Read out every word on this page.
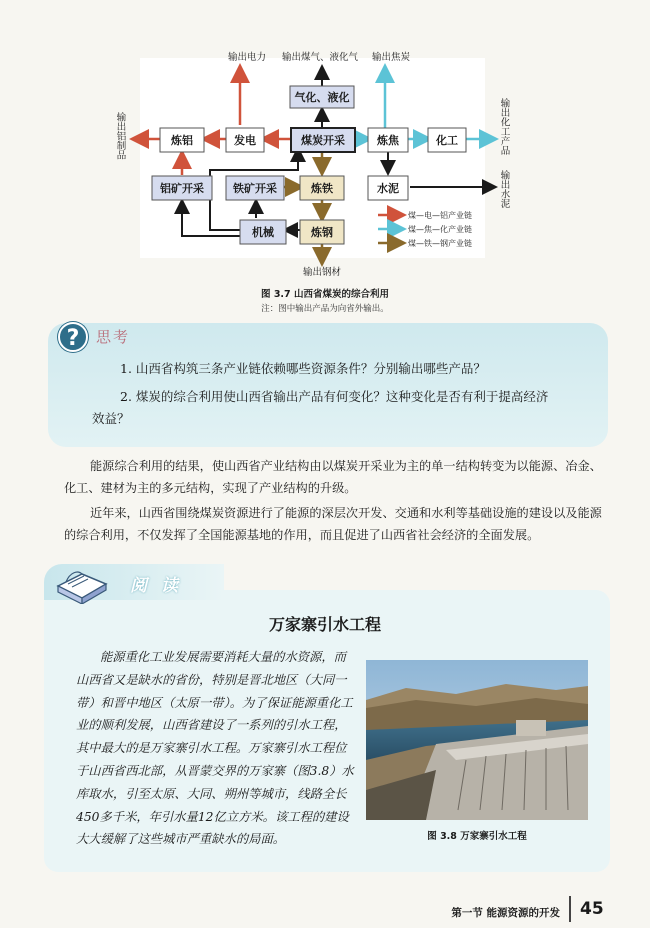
输出电力 输出煤气、液化气 输出焦炭
气化、液化
炼铝	发电	煤炭开采	炼焦	化工
铝矿开采	铁矿开采	炼铁	水泥
机械	炼钢
输出铝制品	输出化工产品
输出水泥
输出钢材
煤—电—铝产业链
煤—焦—化产业链
煤—铁—钢产业链
图 3.7 山西省煤炭的综合利用
注：图中输出产品为向省外输出。
?	思考
1. 山西省构筑三条产业链依赖哪些资源条件？分别输出哪些产品？
2. 煤炭的综合利用使山西省输出产品有何变化？这种变化是否有利于提高经济
效益？

能源综合利用的结果，使山西省产业结构由以煤炭开采业为主的单一结构转变为以能源、冶金、化工、建材为主的多元结构，实现了产业结构的升级。

近年来，山西省围绕煤炭资源进行了能源的深层次开发、交通和水利等基础设施的建设以及能源的综合利用，不仅发挥了全国能源基地的作用，而且促进了山西省社会经济的全面发展。

阅读
万家寨引水工程

能源重化工业发展需要消耗大量的水资源，而山西省又是缺水的省份，特别是晋北地区（大同一带）和晋中地区（太原一带）。为了保证能源重化工业的顺利发展，山西省建设了一系列的引水工程，其中最大的是万家寨引水工程。万家寨引水工程位于山西省西北部，从晋蒙交界的万家寨（图3.8）水库取水，引至太原、大同、朔州等城市，线路全长450多千米，年引水量12亿立方米。该工程的建设大大缓解了这些城市严重缺水的局面。	图 3.8 万家寨引水工程
第一节 能源资源的开发 45
